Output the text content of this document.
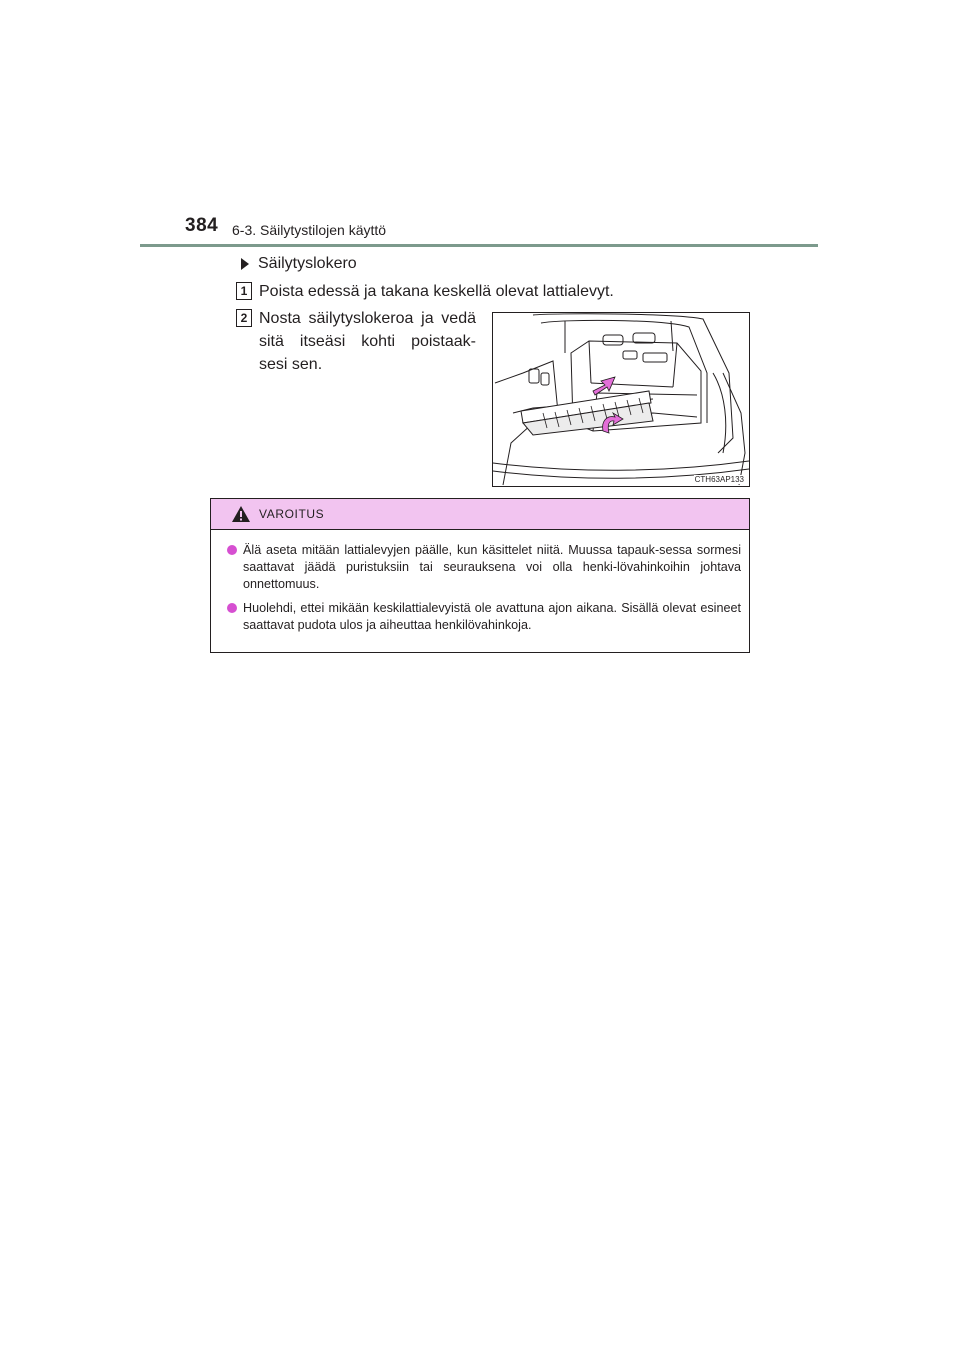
384 6-3. Säilytystilojen käyttö
Säilytyslokero
1 Poista edessä ja takana keskellä olevat lattialevyt.
2 Nosta säilytyslokeroa ja vedä
sitä itseäsi kohti poistaak-
sesi sen.
CTH63AP133
VAROITUS
Älä aseta mitään lattialevyjen päälle, kun käsittelet niitä. Muussa tapauk-sessa sormesi saattavat jäädä puristuksiin tai seurauksena voi olla henki-lövahinkoihin johtava onnettomuus.
Huolehdi, ettei mikään keskilattialevyistä ole avattuna ajon aikana. Sisällä olevat esineet saattavat pudota ulos ja aiheuttaa henkilövahinkoja.
